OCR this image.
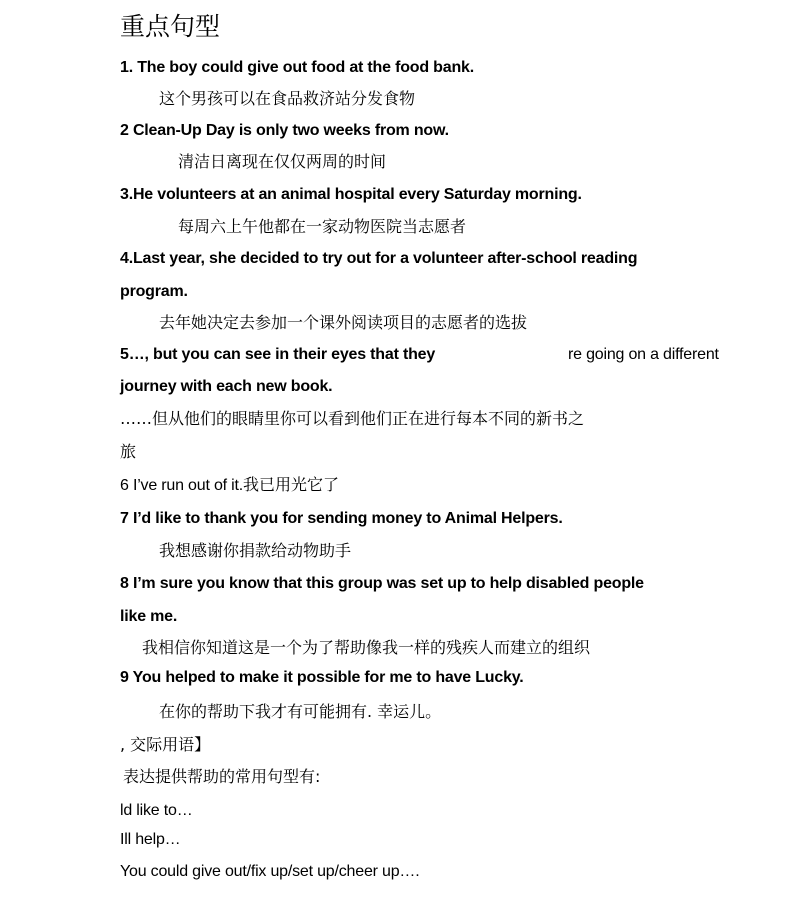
重点句型
1. The boy could give out food at the food bank.
这个男孩可以在食品救济站分发食物
2 Clean-Up Day is only two weeks from now.
清洁日离现在仅仅两周的时间
3.He volunteers at an animal hospital every Saturday morning.
每周六上午他都在一家动物医院当志愿者
4.Last year, she decided to try out for a volunteer after-school reading
program.
去年她决定去参加一个课外阅读项目的志愿者的选拔
5…, but you can see in their eyes that they	re going on a different
journey with each new book.
……但从他们的眼睛里你可以看到他们正在进行每本不同的新书之
旅
6 I’ve run out of it.我已用光它了
7 I’d like to thank you for sending money to Animal Helpers.
我想感谢你捐款给动物助手
8 I’m sure you know that this group was set up to help disabled people
like me.
我相信你知道这是一个为了帮助像我一样的残疾人而建立的组织
9 You helped to make it possible for me to have Lucky.
在你的帮助下我才有可能拥有. 幸运儿。
, 交际用语】
表达提供帮助的常用句型有:
ld like to…
Ill help…
You could give out/fix up/set up/cheer up….
